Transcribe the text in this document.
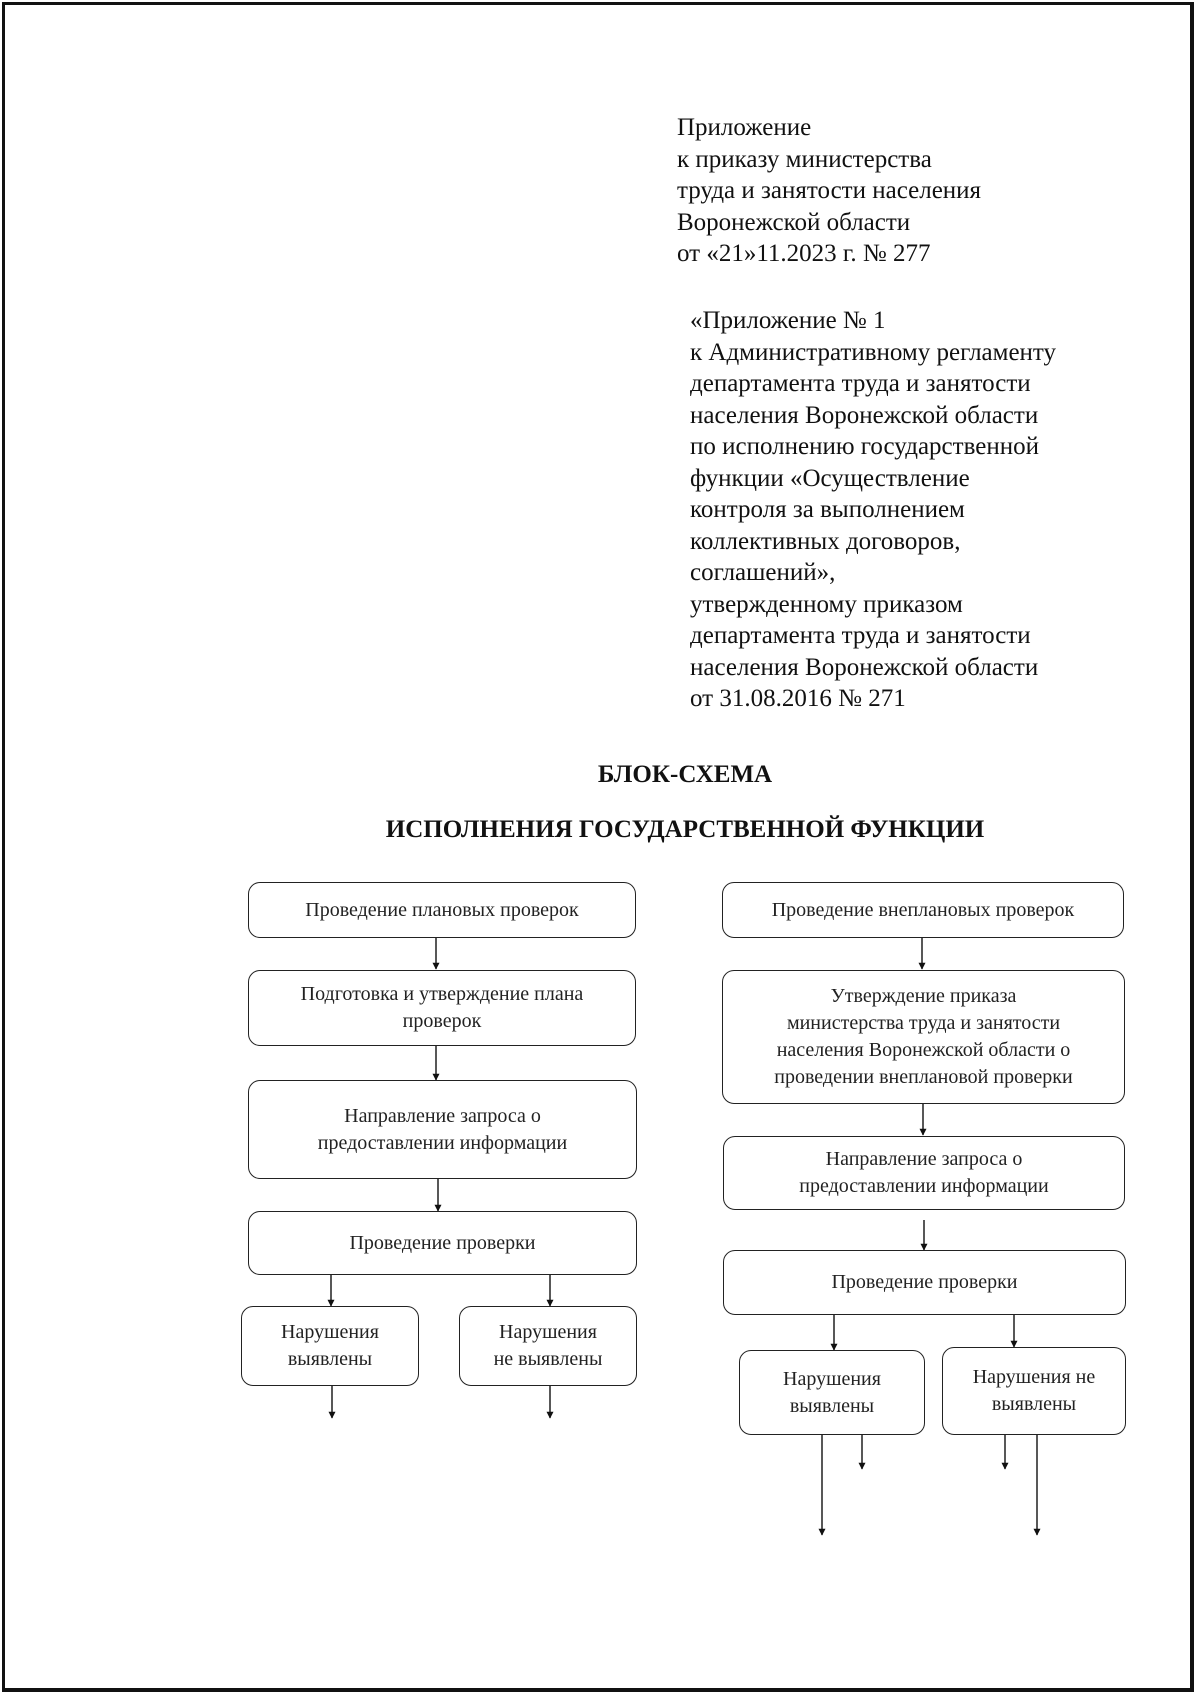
Приложение
к приказу министерства
труда и занятости населения
Воронежской области
от «21»11.2023 г. № 277
«Приложение № 1
к Административному регламенту
департамента труда и занятости
населения Воронежской области
по исполнению государственной
функции «Осуществление
контроля за выполнением
коллективных договоров,
соглашений»,
утвержденному приказом
департамента труда и занятости
населения Воронежской области
от 31.08.2016 № 271
БЛОК-СХЕМА
ИСПОЛНЕНИЯ ГОСУДАРСТВЕННОЙ ФУНКЦИИ
Проведение плановых проверок
Подготовка и утверждение плана
проверок
Направление запроса о
предоставлении информации
Проведение проверки
Нарушения
выявлены
Нарушения
не выявлены
Проведение внеплановых проверок
Утверждение приказа
министерства труда и занятости
населения Воронежской области о
проведении внеплановой проверки
Направление запроса о
предоставлении информации
Проведение проверки
Нарушения
выявлены
Нарушения не
выявлены
